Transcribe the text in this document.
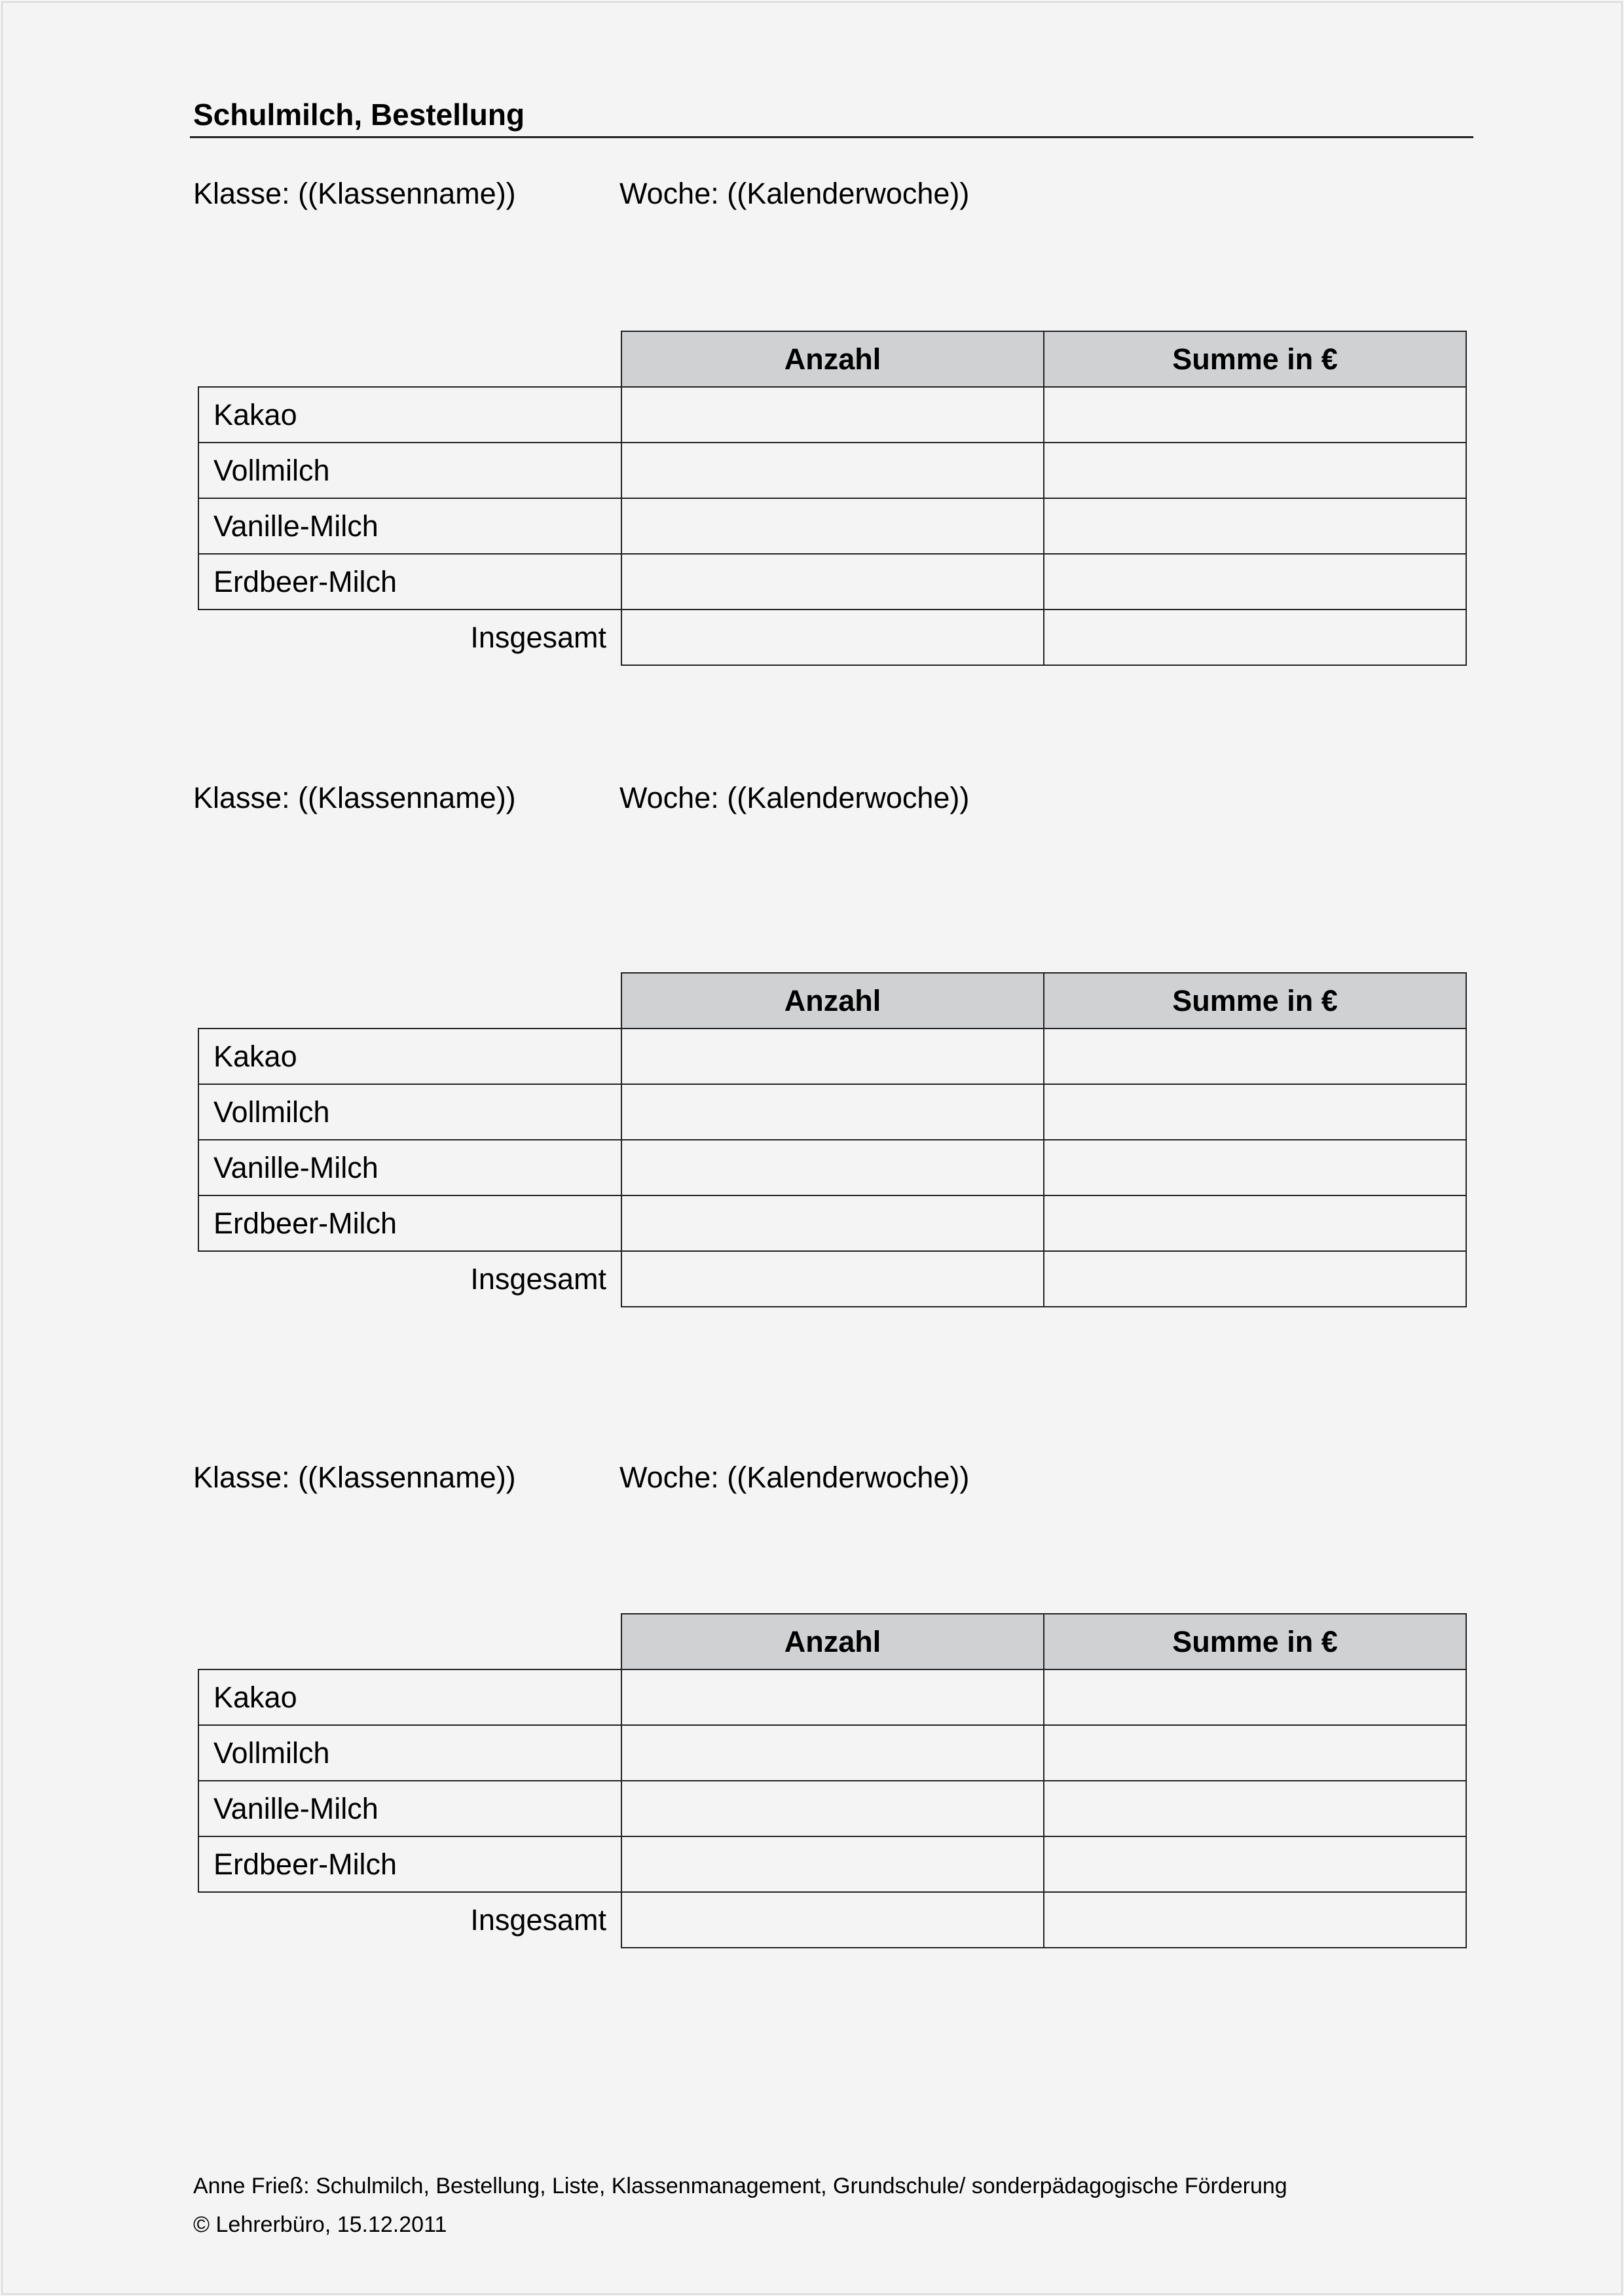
Schulmilch, Bestellung
Klasse: ((Klassenname))	Woche: ((Kalenderwoche))
	Anzahl	Summe in €
Kakao		
Vollmilch		
Vanille-Milch		
Erdbeer-Milch		
Insgesamt		
Klasse: ((Klassenname))	Woche: ((Kalenderwoche))
	Anzahl	Summe in €
Kakao		
Vollmilch		
Vanille-Milch		
Erdbeer-Milch		
Insgesamt		
Klasse: ((Klassenname))	Woche: ((Kalenderwoche))
	Anzahl	Summe in €
Kakao		
Vollmilch		
Vanille-Milch		
Erdbeer-Milch		
Insgesamt		
Anne Frieß: Schulmilch, Bestellung, Liste, Klassenmanagement, Grundschule/ sonderpädagogische Förderung
© Lehrerbüro, 15.12.2011
